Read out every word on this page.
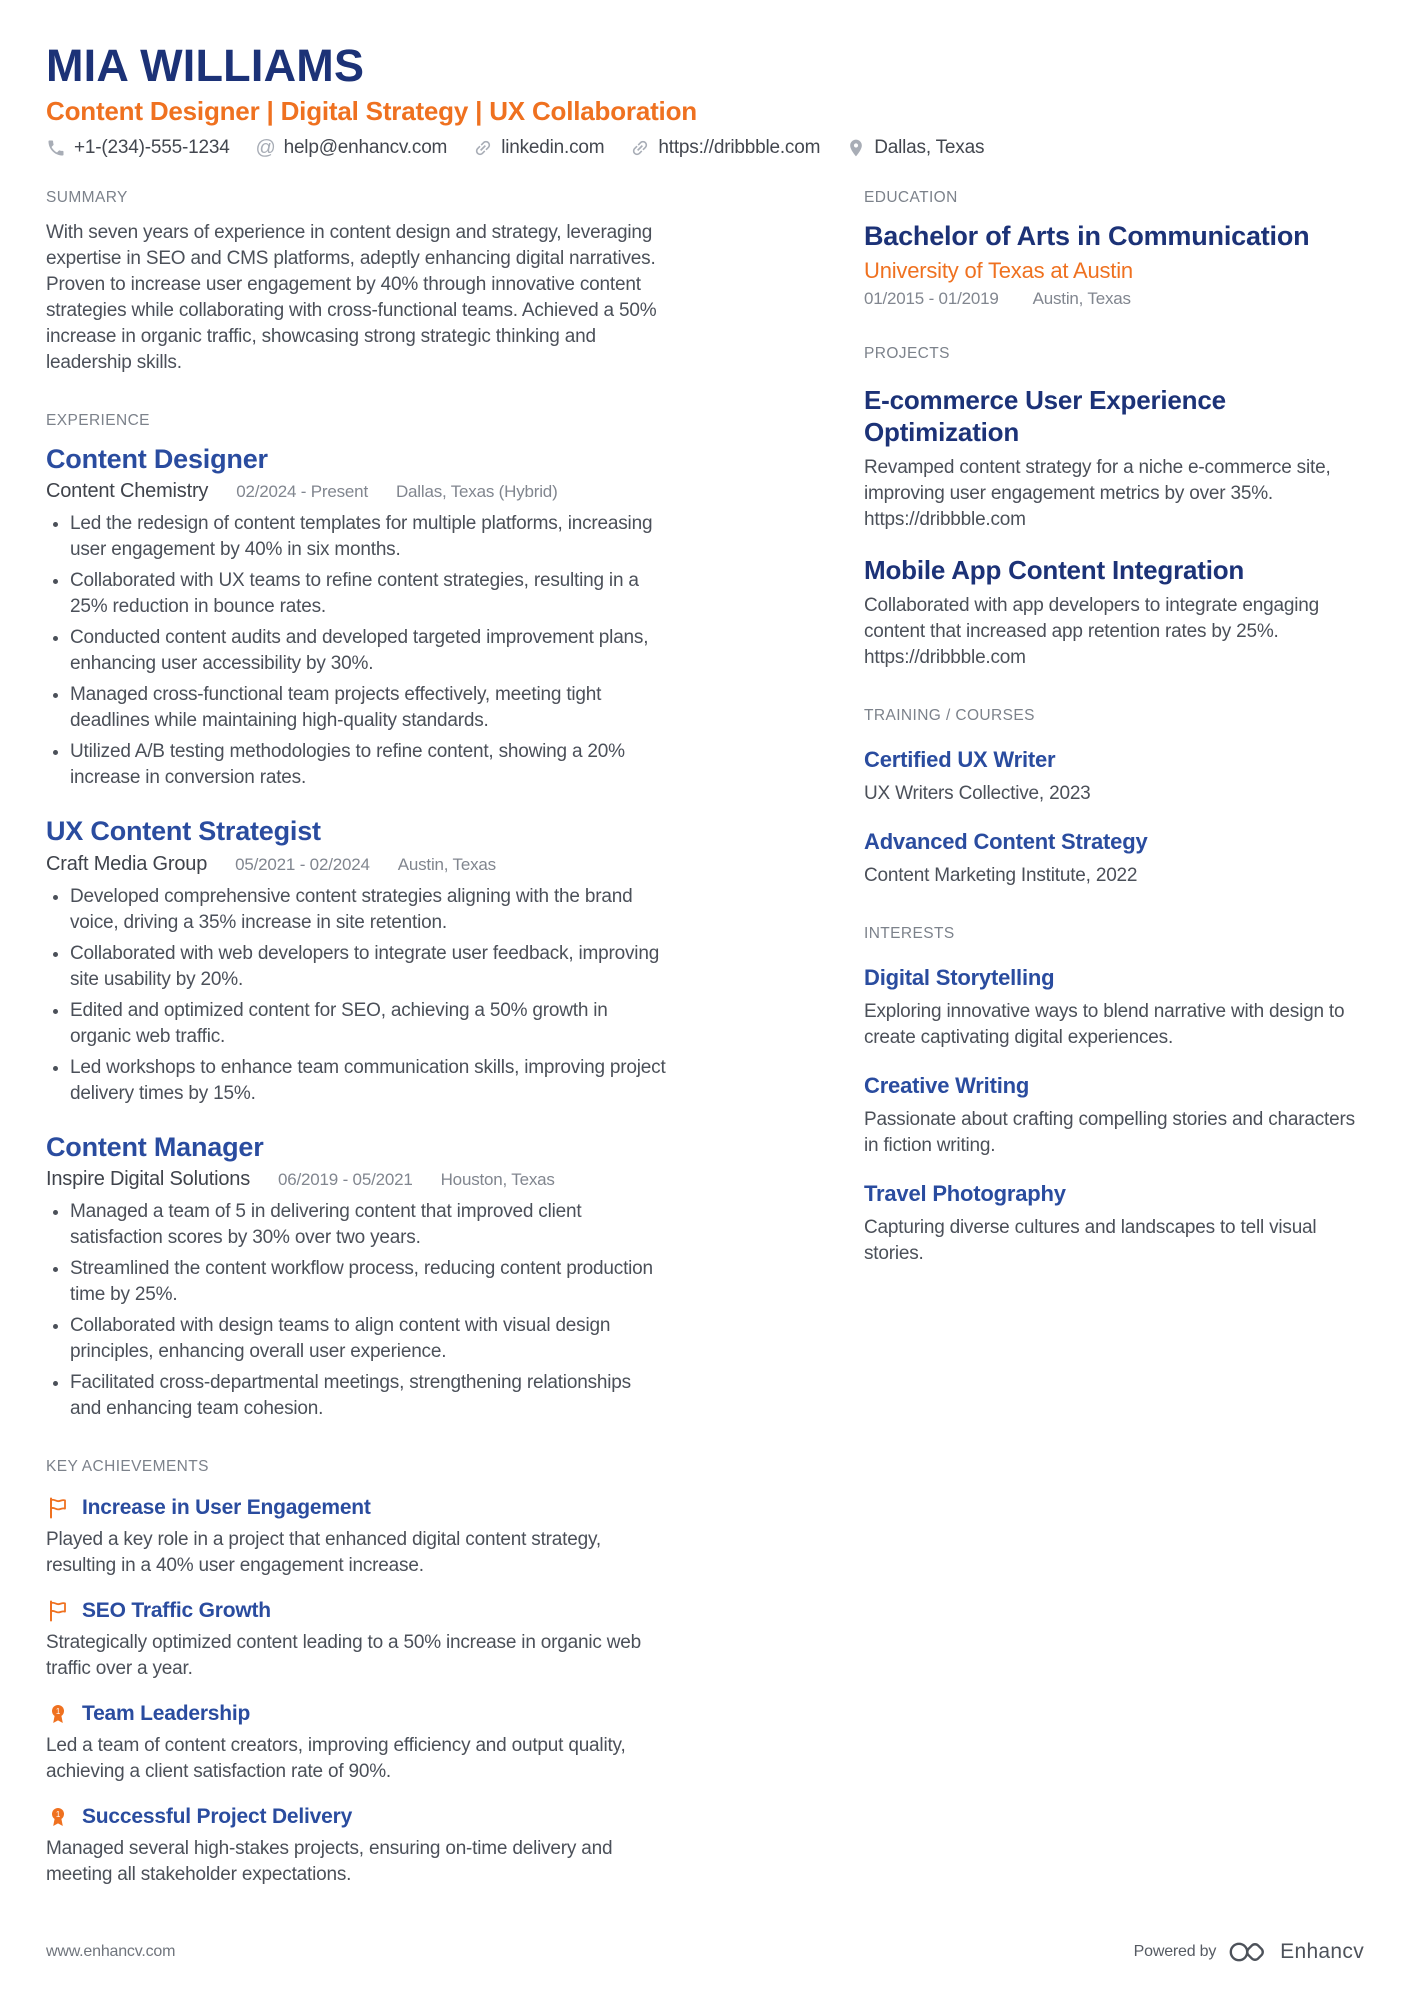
MIA WILLIAMS
Content Designer | Digital Strategy | UX Collaboration
+1-(234)-555-1234 @ help@enhancv.com	linkedin.com	https://dribbble.com	Dallas, Texas
SUMMARY

With seven years of experience in content design and strategy, leveraging expertise in SEO and CMS platforms, adeptly enhancing digital narratives. Proven to increase user engagement by 40% through innovative content strategies while collaborating with cross-functional teams. Achieved a 50% increase in organic traffic, showcasing strong strategic thinking and leadership skills.

EXPERIENCE
Content Designer
Content Chemistry 02/2024 - Present Dallas, Texas (Hybrid)
• Led the redesign of content templates for multiple platforms, increasing user engagement by 40% in six months.
• Collaborated with UX teams to refine content strategies, resulting in a 25% reduction in bounce rates.
• Conducted content audits and developed targeted improvement plans, enhancing user accessibility by 30%.
• Managed cross-functional team projects effectively, meeting tight deadlines while maintaining high-quality standards.
• Utilized A/B testing methodologies to refine content, showing a 20% increase in conversion rates.
UX Content Strategist
Craft Media Group 05/2021 - 02/2024 Austin, Texas
• Developed comprehensive content strategies aligning with the brand voice, driving a 35% increase in site retention.
• Collaborated with web developers to integrate user feedback, improving site usability by 20%.
• Edited and optimized content for SEO, achieving a 50% growth in organic web traffic.
• Led workshops to enhance team communication skills, improving project delivery times by 15%.
Content Manager
Inspire Digital Solutions 06/2019 - 05/2021 Houston, Texas
• Managed a team of 5 in delivering content that improved client satisfaction scores by 30% over two years.
• Streamlined the content workflow process, reducing content production time by 25%.
• Collaborated with design teams to align content with visual design principles, enhancing overall user experience.
• Facilitated cross-departmental meetings, strengthening relationships and enhancing team cohesion.
KEY ACHIEVEMENTS
Increase in User Engagement

Played a key role in a project that enhanced digital content strategy, resulting in a 40% user engagement increase.

SEO Traffic Growth

Strategically optimized content leading to a 50% increase in organic web traffic over a year.

1 Team Leadership

Led a team of content creators, improving efficiency and output quality, achieving a client satisfaction rate of 90%.

1 Successful Project Delivery

Managed several high-stakes projects, ensuring on-time delivery and meeting all stakeholder expectations.

EDUCATION
Bachelor of Arts in Communication
University of Texas at Austin
01/2015 - 01/2019 Austin, Texas
PROJECTS
E-commerce User Experience Optimization

Revamped content strategy for a niche e-commerce site, improving user engagement metrics by over 35%. https://dribbble.com

Mobile App Content Integration

Collaborated with app developers to integrate engaging content that increased app retention rates by 25%. https://dribbble.com

TRAINING / COURSES
Certified UX Writer

UX Writers Collective, 2023

Advanced Content Strategy

Content Marketing Institute, 2022

INTERESTS
Digital Storytelling

Exploring innovative ways to blend narrative with design to create captivating digital experiences.

Creative Writing

Passionate about crafting compelling stories and characters in fiction writing.

Travel Photography

Capturing diverse cultures and landscapes to tell visual stories.

www.enhancv.com	Powered by	Enhancv
